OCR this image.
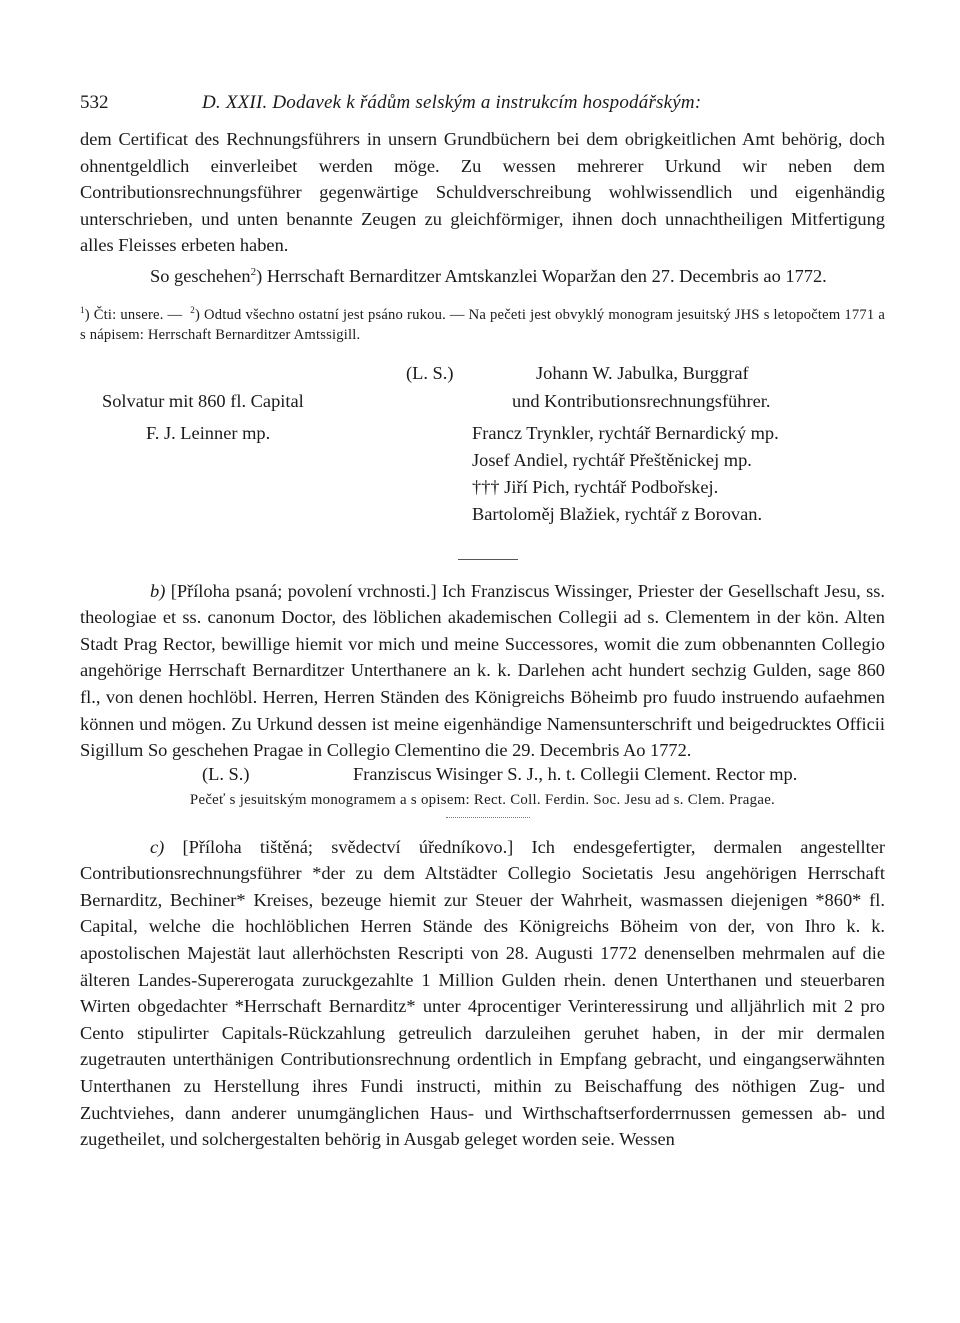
532	D. XXII. Dodavek k řádům selským a instrukcím hospodářským:

dem Certificat des Rechnungsführers in unsern Grundbüchern bei dem obrigkeitlichen Amt behörig, doch ohnentgeldlich einverleibet werden möge. Zu wessen mehrerer Urkund wir neben dem Contributionsrechnungsführer gegenwärtige Schuldverschreibung wohlwissendlich und eigenhändig unterschrieben, und unten benannte Zeugen zu gleichförmiger, ihnen doch unnachtheiligen Mitfertigung alles Fleisses erbeten haben.

So geschehen$^2$) Herrschaft Bernarditzer Amtskanzlei Woparžan den 27. Decembris ao 1772.

$^1$) Čti: unsere. — $^2$) Odtud všechno ostatní jest psáno rukou. — Na pečeti jest obvyklý monogram jesuitský JHS s letopočtem 1771 a s nápisem: Herrschaft Bernarditzer Amtssigill.

(L. S.)	Johann W. Jabulka, Burggraf
Solvatur mit 860 fl. Capital	und Kontributionsrechnungsführer.
F. J. Leinner mp.	Francz Trynkler, rychtář Bernardický mp.
Josef Andiel, rychtář Přeštěnickej mp.
††† Jiří Pich, rychtář Podbořskej.
Bartoloměj Blažiek, rychtář z Borovan.

b) [Příloha psaná; povolení vrchnosti.] Ich Franziscus Wissinger, Priester der Gesellschaft Jesu, ss. theologiae et ss. canonum Doctor, des löblichen akademischen Collegii ad s. Clementem in der kön. Alten Stadt Prag Rector, bewillige hiemit vor mich und meine Successores, womit die zum obbenannten Collegio angehörige Herrschaft Bernarditzer Unterthanere an k. k. Darlehen acht hundert sechzig Gulden, sage 860 fl., von denen hochlöbl. Herren, Herren Ständen des Königreichs Böheimb pro fuudo instruendo aufaehmen können und mögen. Zu Urkund dessen ist meine eigenhändige Namensunterschrift und beigedrucktes Officii Sigillum So geschehen Pragae in Collegio Clementino die 29. Decembris Ao 1772.

(L. S.)	Franziscus Wisinger S. J., h. t. Collegii Clement. Rector mp.
Pečeť s jesuitským monogramem a s opisem: Rect. Coll. Ferdin. Soc. Jesu ad s. Clem. Pragae.

c) [Příloha tištěná; svědectví úředníkovo.] Ich endesgefertigter, dermalen angestellter Contributionsrechnungsführer *der zu dem Altstädter Collegio Societatis Jesu angehörigen Herrschaft Bernarditz, Bechiner* Kreises, bezeuge hiemit zur Steuer der Wahrheit, wasmassen diejenigen *860* fl. Capital, welche die hochlöblichen Herren Stände des Königreichs Böheim von der, von Ihro k. k. apostolischen Majestät laut allerhöchsten Rescripti von 28. Augusti 1772 denenselben mehrmalen auf die älteren Landes-Supererogata zuruckgezahlte 1 Million Gulden rhein. denen Unterthanen und steuerbaren Wirten obgedachter *Herrschaft Bernarditz* unter 4procentiger Verinteressirung und alljährlich mit 2 pro Cento stipulirter Capitals-Rückzahlung getreulich darzuleihen geruhet haben, in der mir dermalen zugetrauten unterthänigen Contributionsrechnung ordentlich in Empfang gebracht, und eingangserwähnten Unterthanen zu Herstellung ihres Fundi instructi, mithin zu Beischaffung des nöthigen Zug- und Zuchtviehes, dann anderer unumgänglichen Haus- und Wirthschaftserforderrnussen gemessen ab- und zugetheilet, und solchergestalten behörig in Ausgab geleget worden seie. Wessen
